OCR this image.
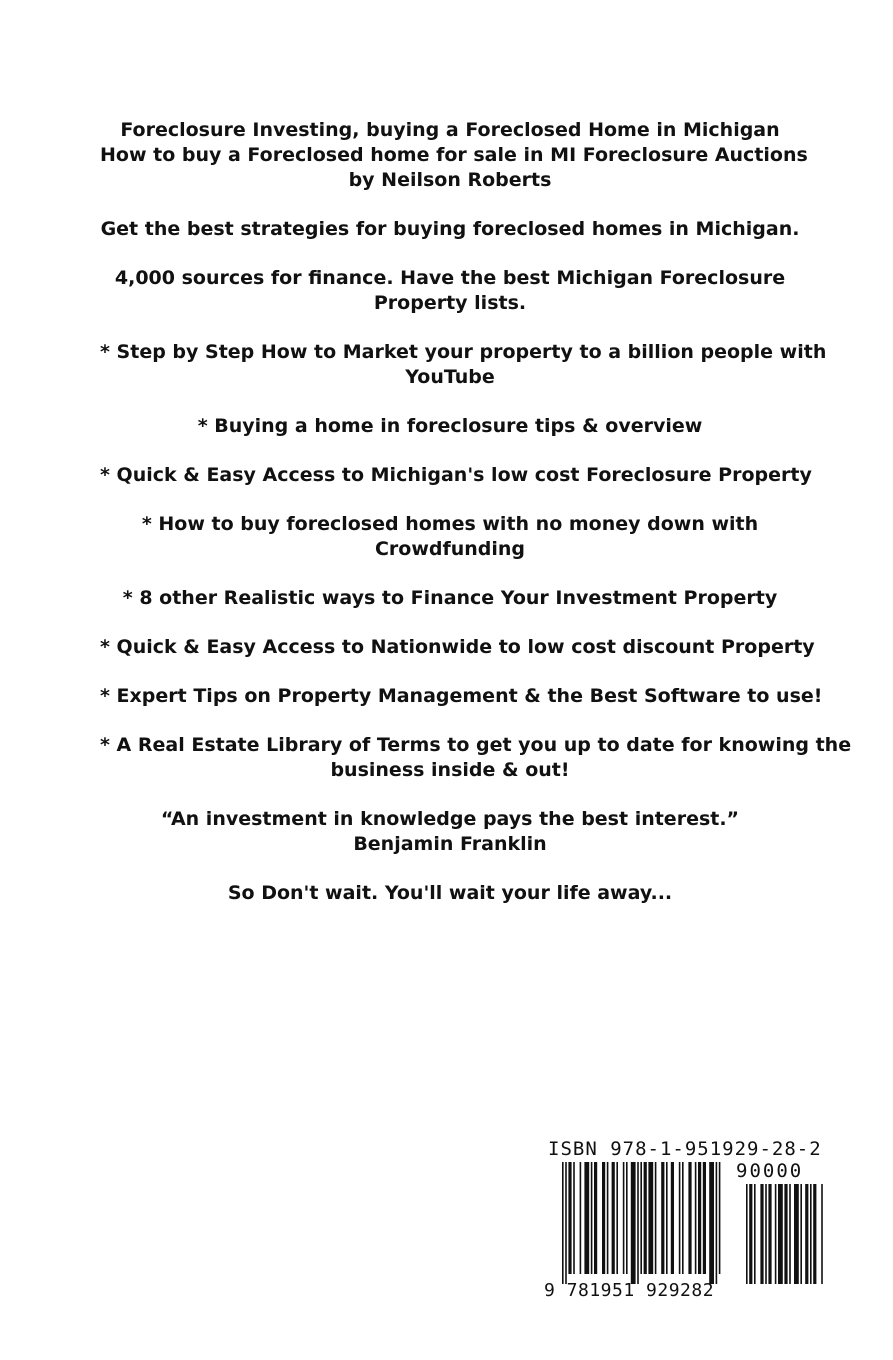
Foreclosure Investing, buying a Foreclosed Home in Michigan
How to buy a Foreclosed home for sale in MI Foreclosure Auctions
by Neilson Roberts
Get the best strategies for buying foreclosed homes in Michigan.
4,000 sources for finance. Have the best Michigan Foreclosure
Property lists.
* Step by Step How to Market your property to a billion people with
YouTube
* Buying a home in foreclosure tips & overview
* Quick & Easy Access to Michigan's low cost Foreclosure Property
* How to buy foreclosed homes with no money down with
Crowdfunding
* 8 other Realistic ways to Finance Your Investment Property
* Quick & Easy Access to Nationwide to low cost discount Property
* Expert Tips on Property Management & the Best Software to use!
* A Real Estate Library of Terms to get you up to date for knowing the
business inside & out!
“An investment in knowledge pays the best interest.”
Benjamin Franklin
So Don't wait. You'll wait your life away...
ISBN 978-1-951929-28-2
90000
9 781951 929282
